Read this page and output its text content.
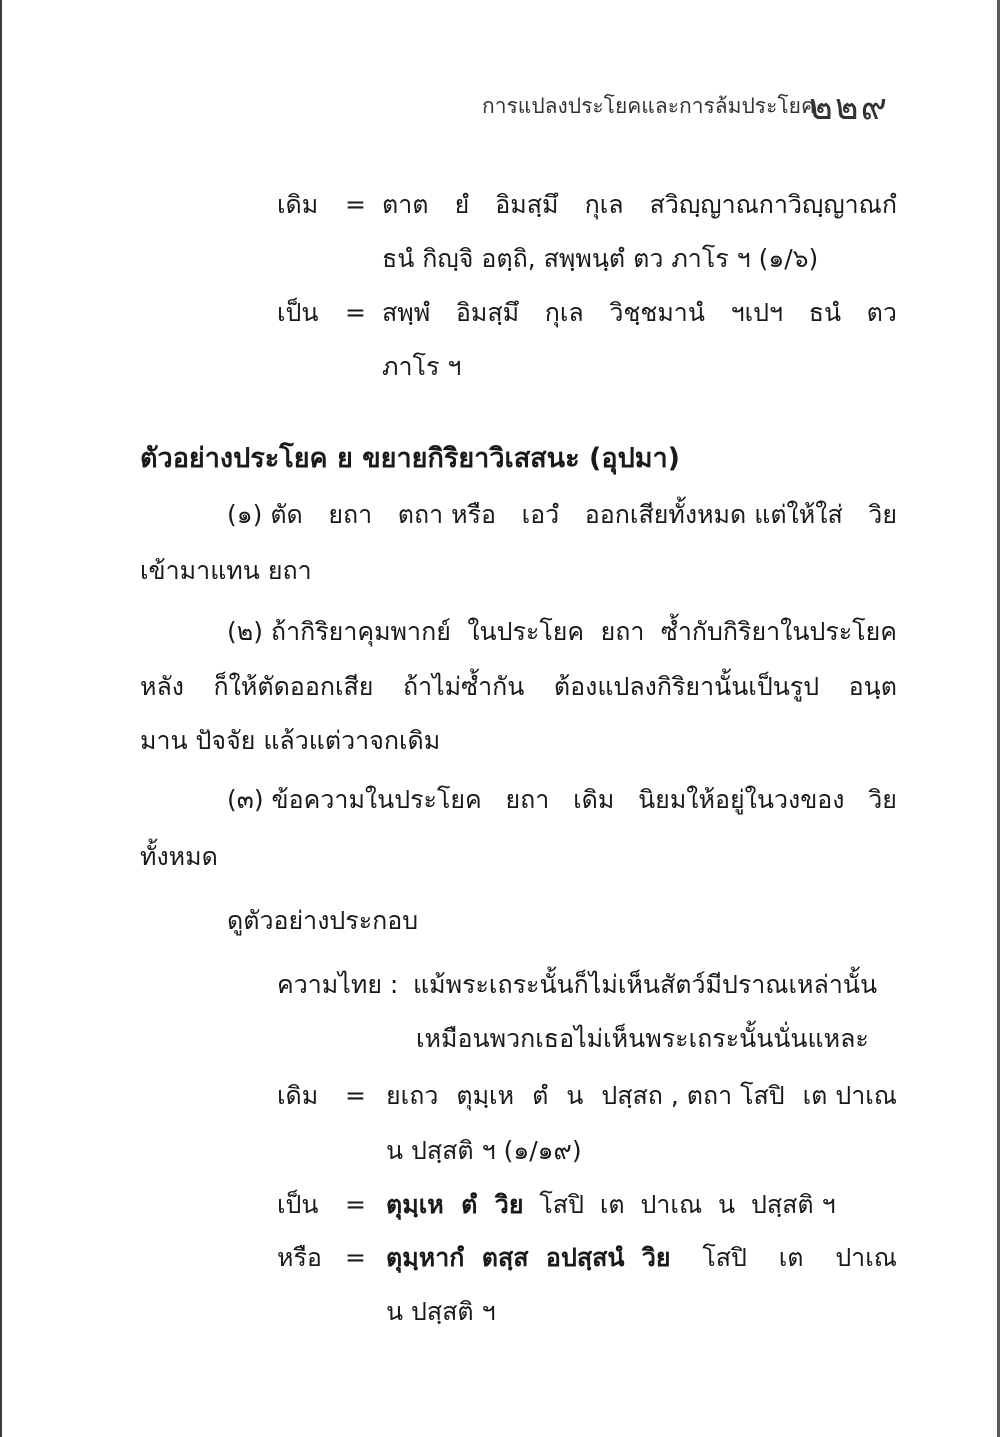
การแปลงประโยคและการล้มประโยค
๒๒๙
เดิม = ตาต ยํ อิมสฺมึ กุเล สวิญฺญาณกาวิญฺญาณกํ
ธนํ กิญฺจิ อตฺถิ, สพฺพนฺตํ ตว ภาโร ฯ (๑/๖)
เป็น = สพฺพํ อิมสฺมึ กุเล วิชฺชมานํ ฯเปฯ ธนํ ตว
ภาโร ฯ
ตัวอย่างประโยค ย ขยายกิริยาวิเสสนะ (อุปมา)
(๑) ตัด ยถา ตถา หรือ เอวํ ออกเสียทั้งหมด แต่ให้ใส่ วิย
เข้ามาแทน ยถา
(๒) ถ้ากิริยาคุมพากย์ ในประโยค ยถา ซ้ำกับกิริยาในประโยค
หลัง ก็ให้ตัดออกเสีย ถ้าไม่ซ้ำกัน ต้องแปลงกิริยานั้นเป็นรูป อนฺต
มาน ปัจจัย แล้วแต่วาจกเดิม
(๓) ข้อความในประโยค ยถา เดิม นิยมให้อยู่ในวงของ วิย
ทั้งหมด
ดูตัวอย่างประกอบ
ความไทย : แม้พระเถระนั้นก็ไม่เห็นสัตว์มีปราณเหล่านั้น
เหมือนพวกเธอไม่เห็นพระเถระนั้นนั่นแหละ
เดิม = ยเถว ตุมฺเห ตํ น ปสฺสถ , ตถา โสปิ เต ปาเณ
น ปสฺสติ ฯ (๑/๑๙)
เป็น = ตุมฺเห  ตํ  วิย  โสปิ  เต  ปาเณ  น  ปสฺสติ ฯ
หรือ = ตุมฺหากํ  ตสฺส  อปสฺสนํ  วิย โสปิ เต ปาเณ
น ปสฺสติ ฯ
